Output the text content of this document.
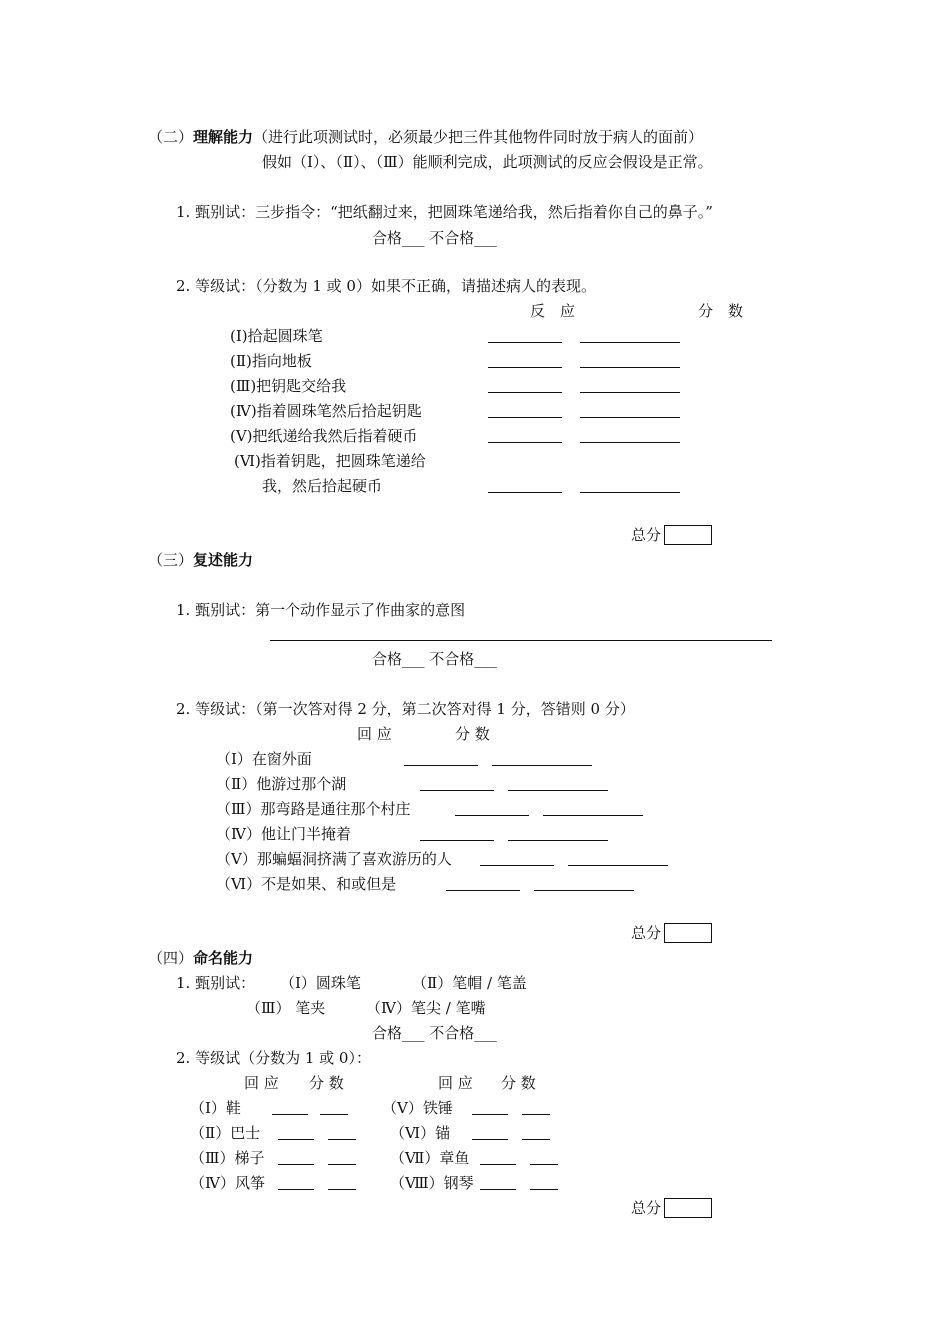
（二）理解能力（进行此项测试时，必须最少把三件其他物件同时放于病人的面前）
假如（I）、（Ⅱ）、（Ⅲ）能顺利完成，此项测试的反应会假设是正常。
1. 甄别试：三步指令：“把纸翻过来，把圆珠笔递给我，然后指着你自己的鼻子。”
合格___ 不合格___
2. 等级试：（分数为 1 或 0）如果不正确，请描述病人的表现。
反　应	分　数
(Ⅰ)拾起圆珠笔
(Ⅱ)指向地板
(Ⅲ)把钥匙交给我
(Ⅳ)指着圆珠笔然后拾起钥匙
(Ⅴ)把纸递给我然后指着硬币
(Ⅵ)指着钥匙，把圆珠笔递给
我，然后拾起硬币
总分
（三）复述能力
1. 甄别试：第一个动作显示了作曲家的意图
合格___ 不合格___
2. 等级试：（第一次答对得 2 分，第二次答对得 1 分，答错则 0 分）
回 应	分 数
（Ⅰ）在窗外面
（Ⅱ）他游过那个湖
（Ⅲ）那弯路是通往那个村庄
（Ⅳ）他让门半掩着
（Ⅴ）那蝙蝠洞挤满了喜欢游历的人
（Ⅵ）不是如果、和或但是
总分
（四）命名能力
1. 甄别试： （Ⅰ）圆珠笔	（Ⅱ）笔帽 / 笔盖
（Ⅲ） 笔夹	（Ⅳ）笔尖 / 笔嘴
合格___ 不合格___
2. 等级试（分数为 1 或 0）：
回 应 分 数	回 应 分 数
（Ⅰ）鞋	（Ⅴ）铁锤
（Ⅱ）巴士	（Ⅵ）锚
（Ⅲ）梯子	（Ⅶ）章鱼
（Ⅳ）风筝	（Ⅷ）钢琴
总分
